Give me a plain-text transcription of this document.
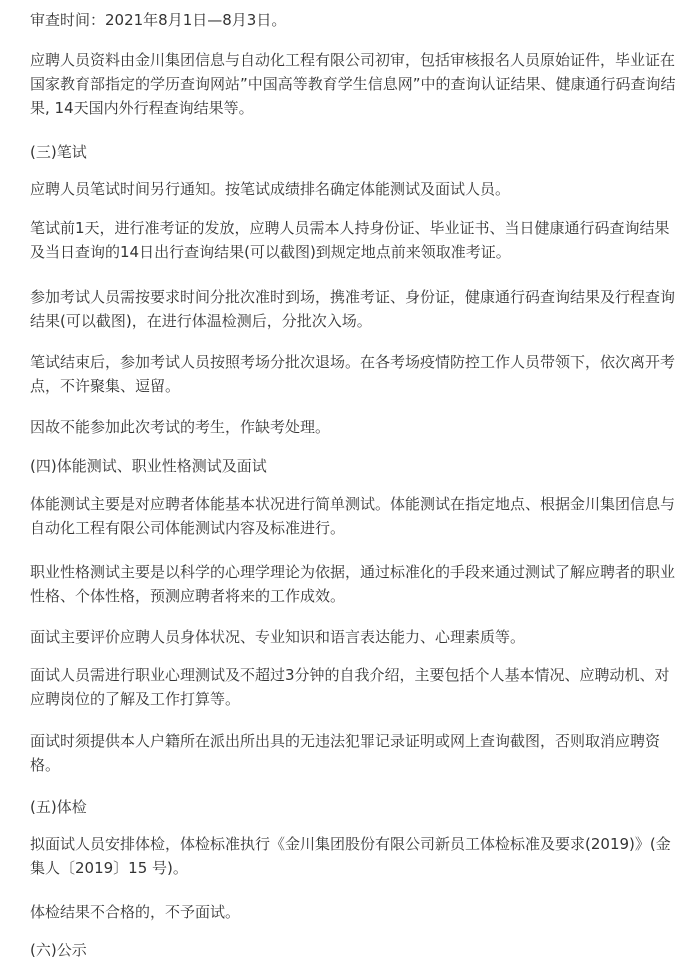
审查时间：2021年8月1日—8月3日。

应聘人员资料由金川集团信息与自动化工程有限公司初审，包括审核报名人员原始证件，毕业证在国家教育部指定的学历查询网站”中国高等教育学生信息网”中的查询认证结果、健康通行码查询结果, 14天国内外行程查询结果等。

(三)笔试

应聘人员笔试时间另行通知。按笔试成绩排名确定体能测试及面试人员。

笔试前1天，进行准考证的发放，应聘人员需本人持身份证、毕业证书、当日健康通行码查询结果及当日查询的14日出行查询结果(可以截图)到规定地点前来领取准考证。

参加考试人员需按要求时间分批次准时到场，携准考证、身份证，健康通行码查询结果及行程查询结果(可以截图)，在进行体温检测后，分批次入场。

笔试结束后，参加考试人员按照考场分批次退场。在各考场疫情防控工作人员带领下，依次离开考点，不许聚集、逗留。

因故不能参加此次考试的考生，作缺考处理。

(四)体能测试、职业性格测试及面试

体能测试主要是对应聘者体能基本状况进行简单测试。体能测试在指定地点、根据金川集团信息与自动化工程有限公司体能测试内容及标准进行。

职业性格测试主要是以科学的心理学理论为依据，通过标准化的手段来通过测试了解应聘者的职业性格、个体性格，预测应聘者将来的工作成效。

面试主要评价应聘人员身体状况、专业知识和语言表达能力、心理素质等。

面试人员需进行职业心理测试及不超过3分钟的自我介绍，主要包括个人基本情况、应聘动机、对应聘岗位的了解及工作打算等。

面试时须提供本人户籍所在派出所出具的无违法犯罪记录证明或网上查询截图，否则取消应聘资格。

(五)体检

拟面试人员安排体检，体检标准执行《金川集团股份有限公司新员工体检标准及要求(2019)》(金集人〔2019〕15 号)。

体检结果不合格的，不予面试。

(六)公示
